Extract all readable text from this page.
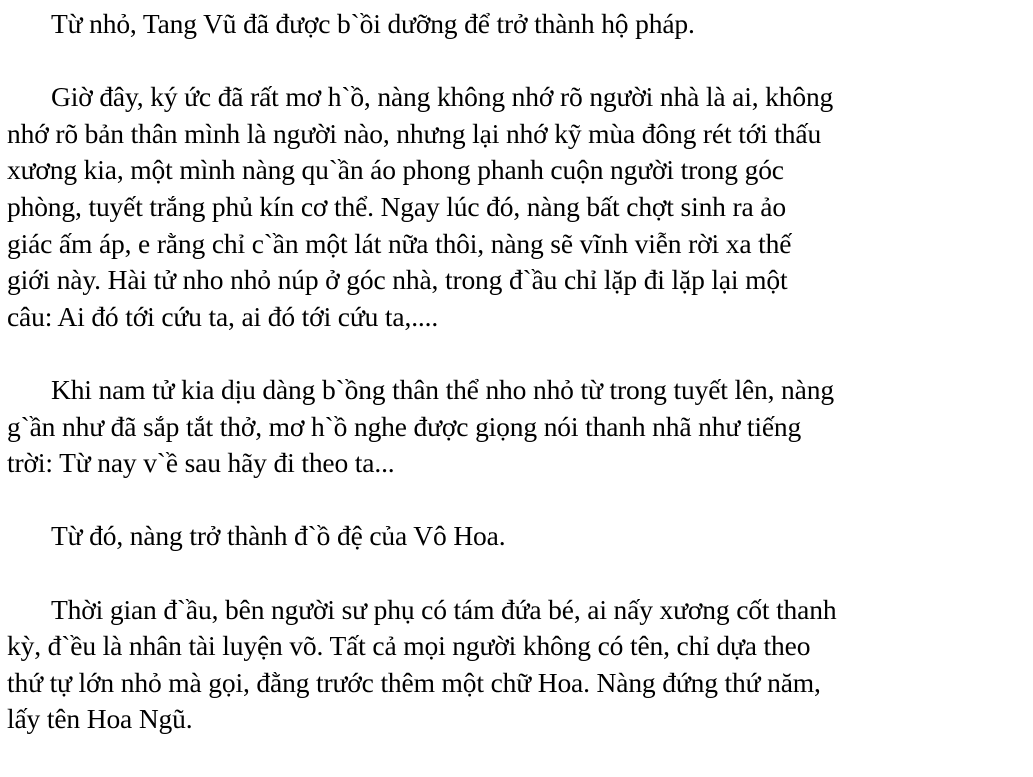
Từ nhỏ, Tang Vũ đã được b`ồi dưỡng để trở thành hộ pháp.
Giờ đây, ký ức đã rất mơ h`ồ, nàng không nhớ rõ người nhà là ai, không
nhớ rõ bản thân mình là người nào, nhưng lại nhớ kỹ mùa đông rét tới thấu
xương kia, một mình nàng qu`ần áo phong phanh cuộn người trong góc
phòng, tuyết trắng phủ kín cơ thể. Ngay lúc đó, nàng bất chợt sinh ra ảo
giác ấm áp, e rằng chỉ c`ần một lát nữa thôi, nàng sẽ vĩnh viễn rời xa thế
giới này. Hài tử nho nhỏ núp ở góc nhà, trong đ`ầu chỉ lặp đi lặp lại một
câu: Ai đó tới cứu ta, ai đó tới cứu ta,....
Khi nam tử kia dịu dàng b`ồng thân thể nho nhỏ từ trong tuyết lên, nàng
g`ần như đã sắp tắt thở, mơ h`ồ nghe được giọng nói thanh nhã như tiếng
trời: Từ nay v`ề sau hãy đi theo ta...
Từ đó, nàng trở thành đ`ồ đệ của Vô Hoa.
Thời gian đ`ầu, bên người sư phụ có tám đứa bé, ai nấy xương cốt thanh
kỳ, đ`ều là nhân tài luyện võ. Tất cả mọi người không có tên, chỉ dựa theo
thứ tự lớn nhỏ mà gọi, đằng trước thêm một chữ Hoa. Nàng đứng thứ năm,
lấy tên Hoa Ngũ.
